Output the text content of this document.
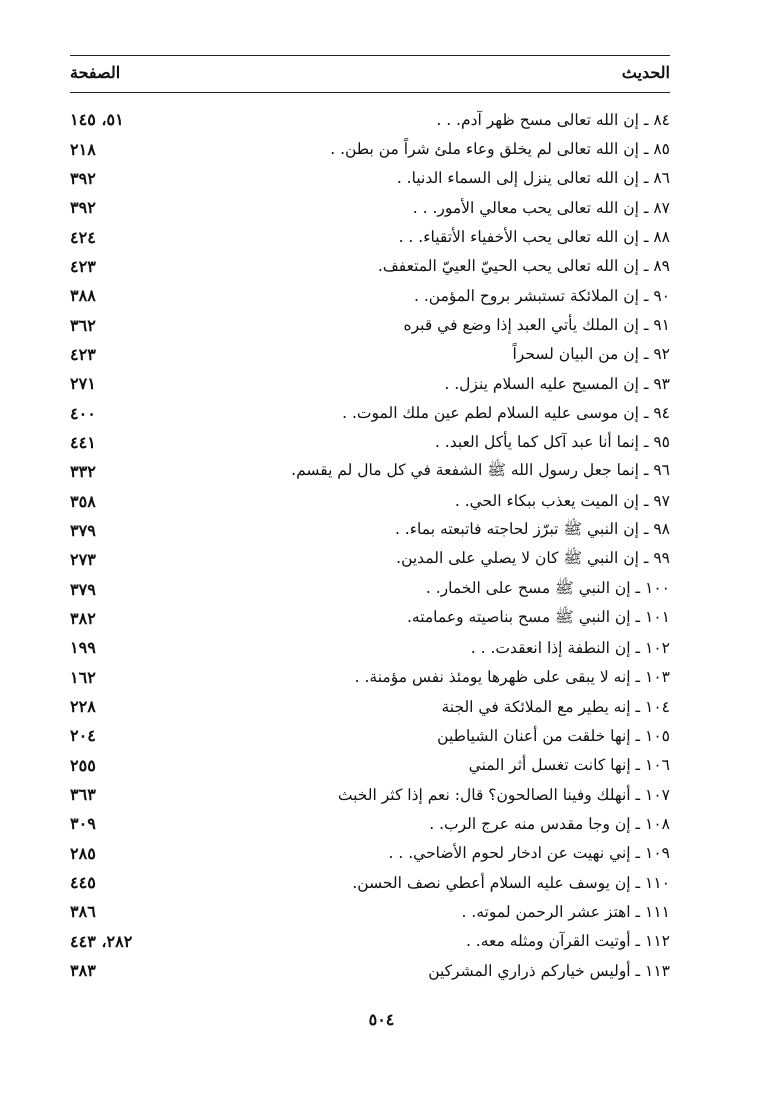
الصفحة	الحديث
٥١، ١٤٥	٨٤ ـ إن الله تعالى مسح ظهر آدم. . .
٢١٨	٨٥ ـ إن الله تعالى لم يخلق وعاء ملئ شراً من بطن. .
٣٩٢	٨٦ ـ إن الله تعالى ينزل إلى السماء الدنيا. .
٣٩٢	٨٧ ـ إن الله تعالى يحب معالي الأمور. . .
٤٢٤	٨٨ ـ إن الله تعالى يحب الأخفياء الأتقياء. . .
٤٢٣	٨٩ ـ إن الله تعالى يحب الحييّ العييّ المتعفف.
٣٨٨	٩٠ ـ إن الملائكة تستبشر بروح المؤمن. .
٣٦٢	٩١ ـ إن الملك يأتي العبد إذا وضع في قبره
٤٢٣	٩٢ ـ إن من البيان لسحراً
٢٧١	٩٣ ـ إن المسيح عليه السلام ينزل. .
٤٠٠	٩٤ ـ إن موسى عليه السلام لطم عين ملك الموت. .
٤٤١	٩٥ ـ إنما أنا عبد آكل كما يأكل العبد. .
٣٣٢	٩٦ ـ إنما جعل رسول الله ﷺ الشفعة في كل مال لم يقسم.
٣٥٨	٩٧ ـ إن الميت يعذب ببكاء الحي. .
٣٧٩	٩٨ ـ إن النبي ﷺ تبرّز لحاجته فاتبعته بماء. .
٢٧٣	٩٩ ـ إن النبي ﷺ كان لا يصلي على المدين.
٣٧٩	١٠٠ ـ إن النبي ﷺ مسح على الخمار. .
٣٨٢	١٠١ ـ إن النبي ﷺ مسح بناصيته وعمامته.
١٩٩	١٠٢ ـ إن النطفة إذا انعقدت. . .
١٦٢	١٠٣ ـ إنه لا يبقى على ظهرها يومئذ نفس مؤمنة. .
٢٢٨	١٠٤ ـ إنه يطير مع الملائكة في الجنة
٢٠٤	١٠٥ ـ إنها خلقت من أعنان الشياطين
٢٥٥	١٠٦ ـ إنها كانت تغسل أثر المني
٣٦٣	١٠٧ ـ أنهلك وفينا الصالحون؟ قال: نعم إذا كثر الخبث
٣٠٩	١٠٨ ـ إن وجا مقدس منه عرج الرب. .
٢٨٥	١٠٩ ـ إني نهيت عن ادخار لحوم الأضاحي. . .
٤٤٥	١١٠ ـ إن يوسف عليه السلام أعطي نصف الحسن.
٣٨٦	١١١ ـ اهتز عشر الرحمن لموته. .
٢٨٢، ٤٤٣	١١٢ ـ أوتيت القرآن ومثله معه. .
٣٨٣	١١٣ ـ أوليس خياركم ذراري المشركين
٥٠٤
